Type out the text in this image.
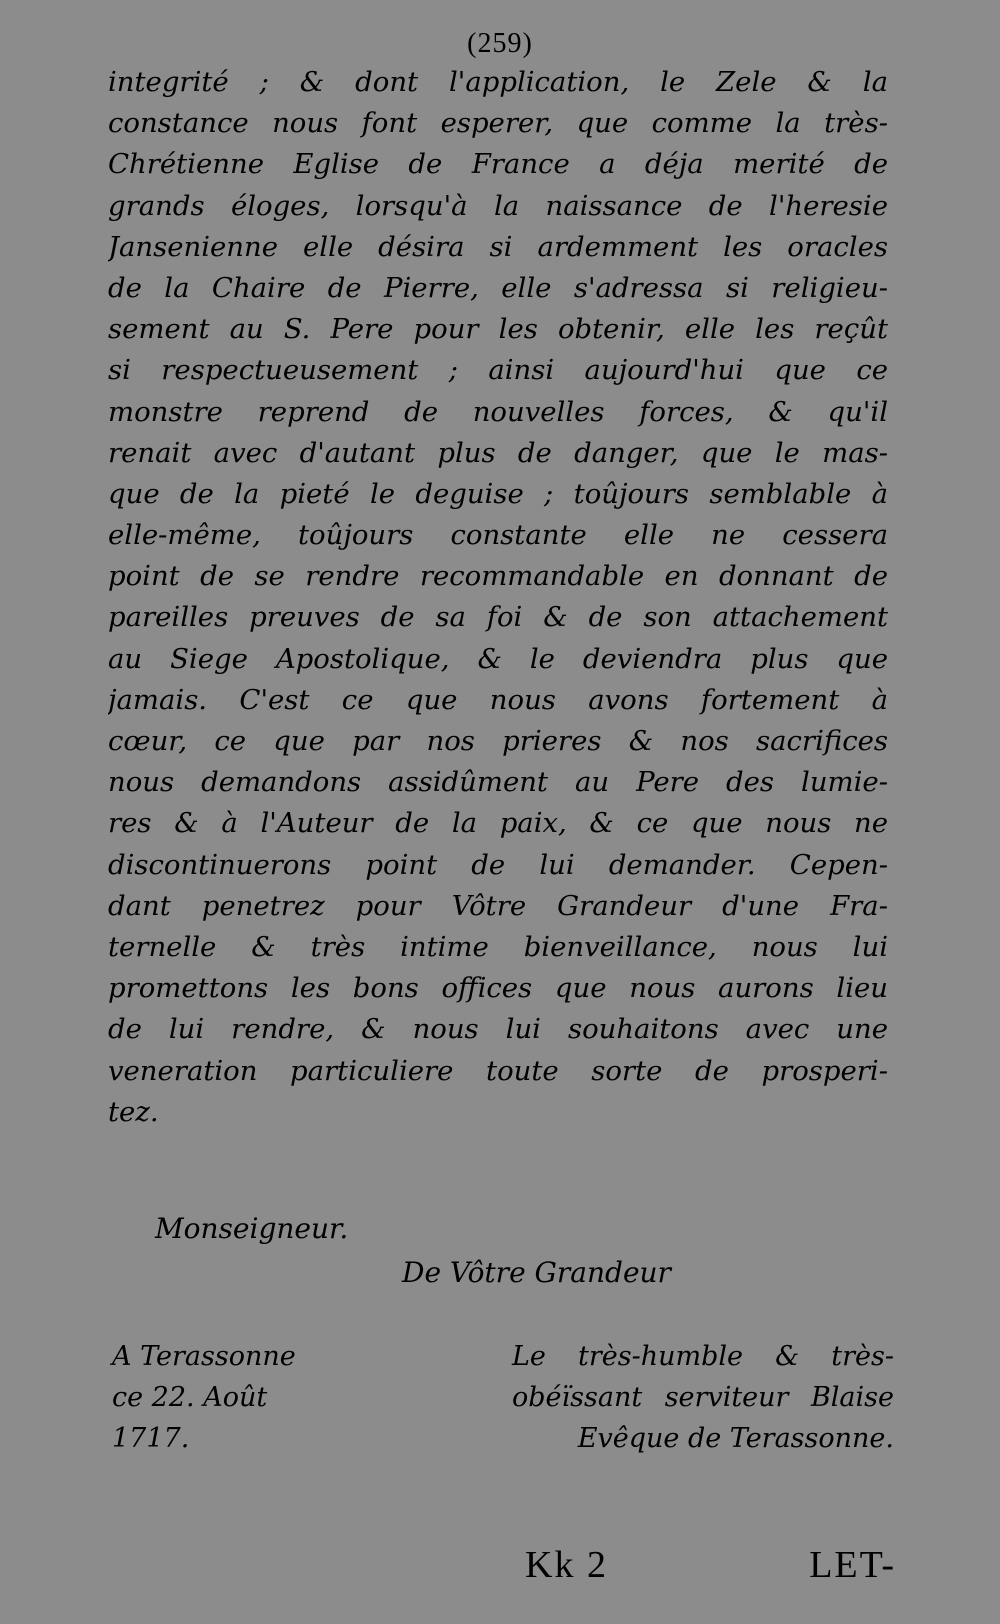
(259)
integrité ; & dont l'application, le Zele & la
constance nous font esperer, que comme la très-
Chrétienne Eglise de France a déja merité de
grands éloges, lorsqu'à la naissance de l'heresie
Jansenienne elle désira si ardemment les oracles
de la Chaire de Pierre, elle s'adressa si religieu-
sement au S. Pere pour les obtenir, elle les reçût
si respectueusement ; ainsi aujourd'hui que ce
monstre reprend de nouvelles forces, & qu'il
renait avec d'autant plus de danger, que le mas-
que de la pieté le deguise ; toûjours semblable à
elle-même, toûjours constante elle ne cessera
point de se rendre recommandable en donnant de
pareilles preuves de sa foi & de son attachement
au Siege Apostolique, & le deviendra plus que
jamais. C'est ce que nous avons fortement à
cœur, ce que par nos prieres & nos sacrifices
nous demandons assidûment au Pere des lumie-
res & à l'Auteur de la paix, & ce que nous ne
discontinuerons point de lui demander. Cepen-
dant penetrez pour Vôtre Grandeur d'une Fra-
ternelle & très intime bienveillance, nous lui
promettons les bons offices que nous aurons lieu
de lui rendre, & nous lui souhaitons avec une
veneration particuliere toute sorte de prosperi-
tez.
Monseigneur.
De Vôtre Grandeur
A Terassonne
ce 22. Août
1717.
Le très-humble & très-
obéïssant serviteur Blaise
Evêque de Terassonne.
Kk 2	LET-
